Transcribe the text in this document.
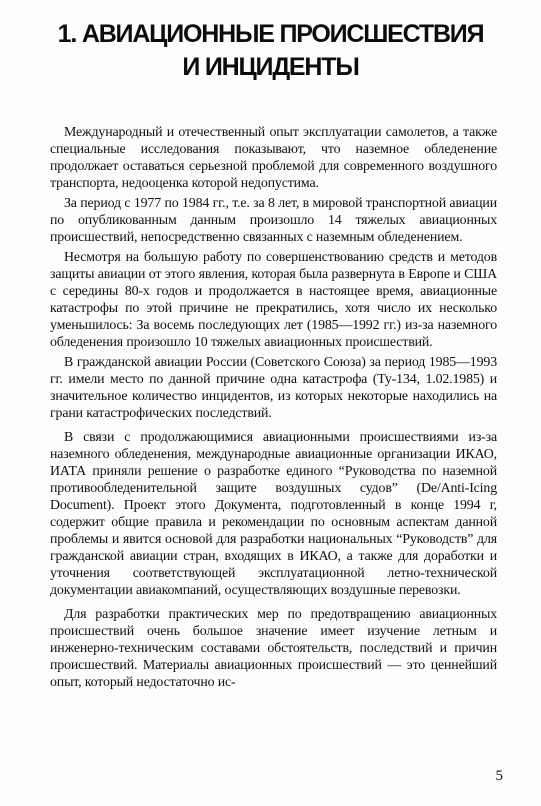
1. АВИАЦИОННЫЕ ПРОИСШЕСТВИЯ
И ИНЦИДЕНТЫ

Международный и отечественный опыт эксплуатации самолетов, а также специальные исследования показывают, что наземное обледенение продолжает оставаться серьезной проблемой для современного воздушного транспорта, недооценка которой недопустима.

За период с 1977 по 1984 гг., т.е. за 8 лет, в мировой транспортной авиации по опубликованным данным произошло 14 тяжелых авиационных происшествий, непосредственно связанных с наземным обледенением.

Несмотря на большую работу по совершенствованию средств и методов защиты авиации от этого явления, которая была развернута в Европе и США с середины 80-х годов и продолжается в настоящее время, авиационные катастрофы по этой причине не прекратились, хотя число их несколько уменьшилось: За восемь последующих лет (1985—1992 гг.) из-за наземного обледенения произошло 10 тяжелых авиационных происшествий.

В гражданской авиации России (Советского Союза) за период 1985—1993 гг. имели место по данной причине одна катастрофа (Ту-134, 1.02.1985) и значительное количество инцидентов, из которых некоторые находились на грани катастрофических последствий.

В связи с продолжающимися авиационными происшествиями из-за наземного обледенения, международные авиационные организации ИКАО, ИАТА приняли решение о разработке единого “Руководства по наземной противообледенительной защите воздушных судов” (De/Anti-Icing Document). Проект этого Документа, подготовленный в конце 1994 г, содержит общие правила и рекомендации по основным аспектам данной проблемы и явится основой для разработки национальных “Руководств” для гражданской авиации стран, входящих в ИКАО, а также для доработки и уточнения соответствующей эксплуатационной летно-технической документации авиакомпаний, осуществляющих воздушные перевозки.

Для разработки практических мер по предотвращению авиационных происшествий очень большое значение имеет изучение летным и инженерно-техническим составами обстоятельств, последствий и причин происшествий. Материалы авиационных происшествий — это ценнейший опыт, который недостаточно ис-

5
